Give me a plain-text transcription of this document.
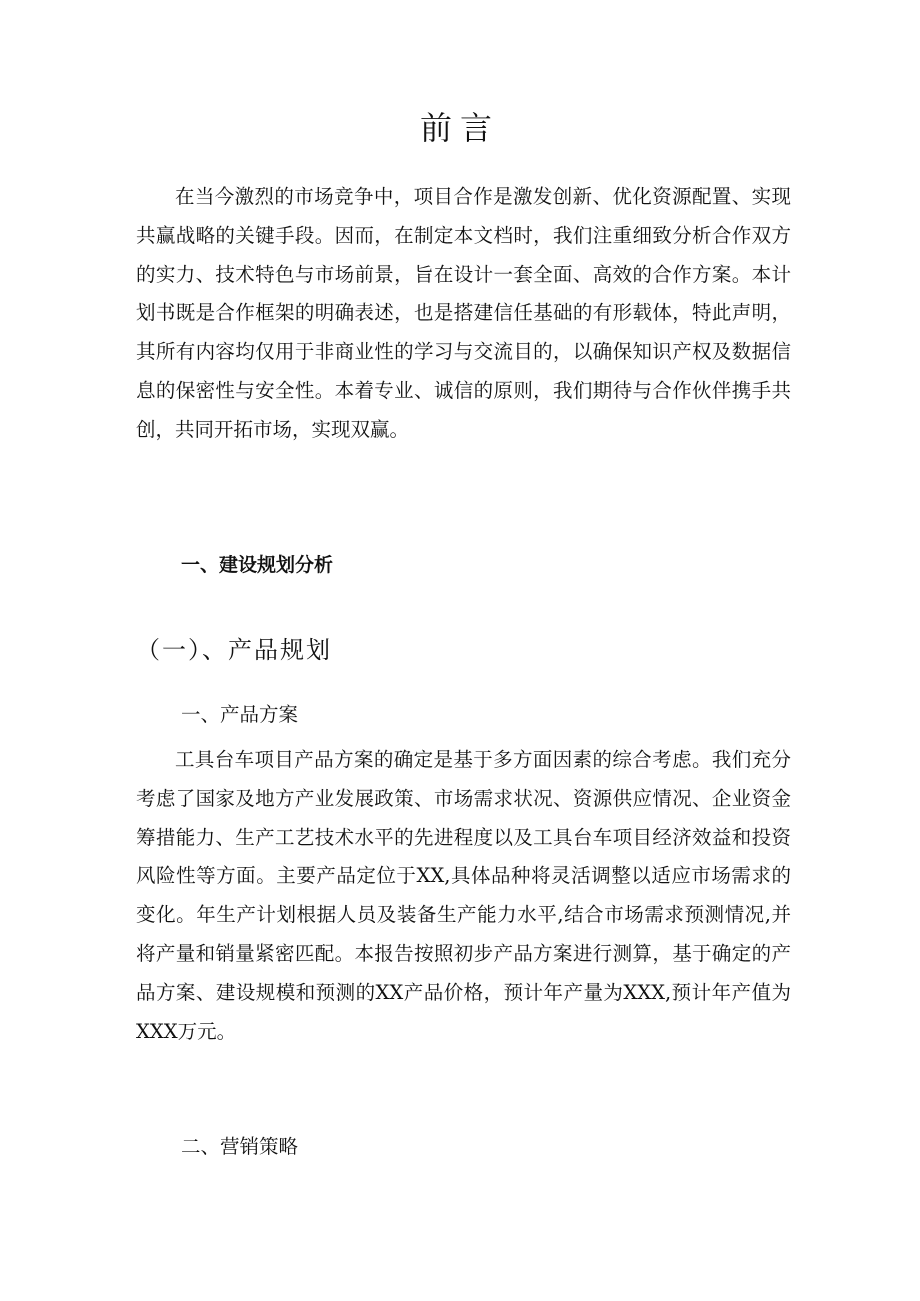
前言

在当今激烈的市场竞争中，项目合作是激发创新、优化资源配置、实现共赢战略的关键手段。因而，在制定本文档时，我们注重细致分析合作双方的实力、技术特色与市场前景，旨在设计一套全面、高效的合作方案。本计划书既是合作框架的明确表述，也是搭建信任基础的有形载体，特此声明，其所有内容均仅用于非商业性的学习与交流目的，以确保知识产权及数据信息的保密性与安全性。本着专业、诚信的原则，我们期待与合作伙伴携手共创，共同开拓市场，实现双赢。

一、建设规划分析
（一）、产品规划
一、产品方案

工具台车项目产品方案的确定是基于多方面因素的综合考虑。我们充分考虑了国家及地方产业发展政策、市场需求状况、资源供应情况、企业资金筹措能力、生产工艺技术水平的先进程度以及工具台车项目经济效益和投资风险性等方面。主要产品定位于XX,具体品种将灵活调整以适应市场需求的变化。年生产计划根据人员及装备生产能力水平,结合市场需求预测情况,并将产量和销量紧密匹配。本报告按照初步产品方案进行测算，基于确定的产品方案、建设规模和预测的XX产品价格，预计年产量为XXX,预计年产值为XXX万元。

二、营销策略
